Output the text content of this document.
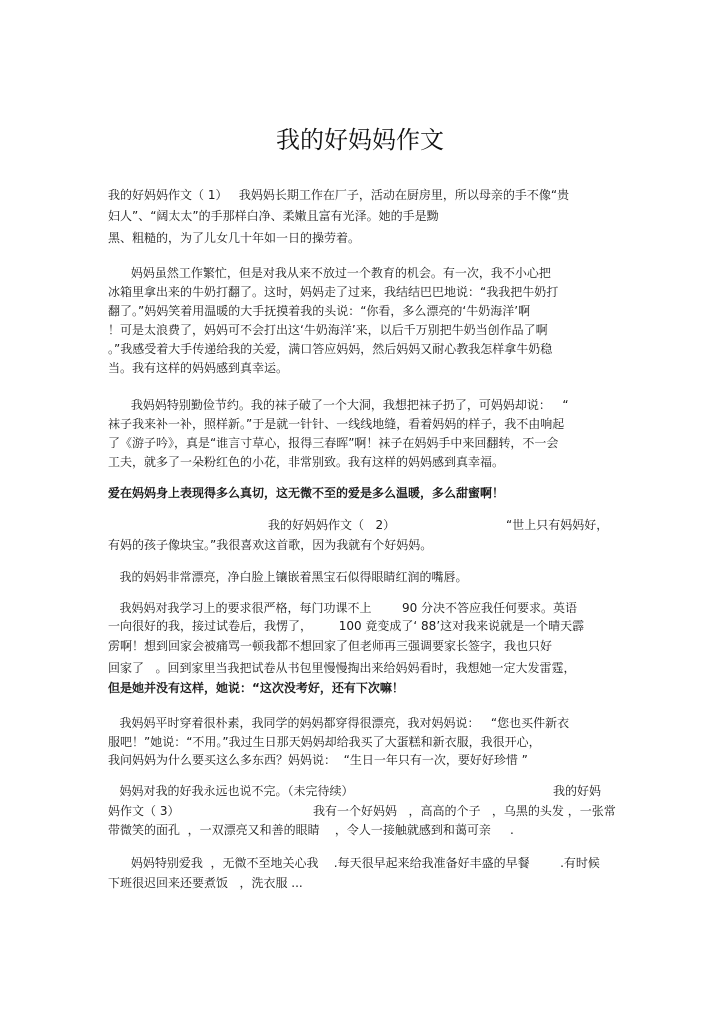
我的好妈妈作文
我的好妈妈作文（ 1）   我妈妈长期工作在厂子，活动在厨房里，所以母亲的手不像“贵
妇人”、“阔太太”的手那样白净、柔嫩且富有光泽。她的手是黝
黑、粗糙的，为了儿女几十年如一日的操劳着。
妈妈虽然工作繁忙，但是对我从来不放过一个教育的机会。有一次，我不小心把
冰箱里拿出来的牛奶打翻了。这时，妈妈走了过来，我结结巴巴地说：“我我把牛奶打
翻了。”妈妈笑着用温暖的大手抚摸着我的头说：“你看，多么漂亮的‘牛奶海洋’啊
！可是太浪费了，妈妈可不会打出这‘牛奶海洋’来，以后千万别把牛奶当创作品了啊
。”我感受着大手传递给我的关爱，满口答应妈妈，然后妈妈又耐心教我怎样拿牛奶稳
当。我有这样的妈妈感到真幸运。
我妈妈特别勤俭节约。我的袜子破了一个大洞，我想把袜子扔了，可妈妈却说：   “
袜子我来补一补，照样新。”于是就一针针、一线线地缝，看着妈妈的样子，我不由响起
了《游子吟》，真是“谁言寸草心，报得三春晖”啊！袜子在妈妈手中来回翻转，不一会
工夫，就多了一朵粉红色的小花，非常别致。我有这样的妈妈感到真幸福。
爱在妈妈身上表现得多么真切，这无微不至的爱是多么温暖，多么甜蜜啊！
我的好妈妈作文（   2）	“世上只有妈妈好，
有妈的孩子像块宝。”我很喜欢这首歌，因为我就有个好妈妈。
我的妈妈非常漂亮，净白脸上镶嵌着黑宝石似得眼睛红润的嘴唇。
我妈妈对我学习上的要求很严格，每门功课不上        90 分决不答应我任何要求。英语
一向很好的我，接过试卷后，我愣了，       100 竟变成了‘ 88’这对我来说就是一个晴天霹
雳啊！想到回家会被痛骂一顿我都不想回家了但老师再三强调要家长签字，我也只好
回家了   。回到家里当我把试卷从书包里慢慢掏出来给妈妈看时，我想她一定大发雷霆，
但是她并没有这样，她说：“这次没考好，还有下次嘛！
我妈妈平时穿着很朴素，我同学的妈妈都穿得很漂亮，我对妈妈说：   “您也买件新衣
服吧！”她说：“不用。”我过生日那天妈妈却给我买了大蛋糕和新衣服，我很开心，
我问妈妈为什么要买这么多东西？妈妈说：  “生日一年只有一次，要好好珍惜 ”
妈妈对我的好我永远也说不完。（未完待续）	我的好妈
妈作文（ 3）	我有一个好妈妈   ，高高的个子   ，乌黑的头发 ，一张常
带微笑的面孔  ，一双漂亮又和善的眼睛    ，令人一接触就感到和蔼可亲     .
妈妈特别爱我  ，无微不至地关心我    .每天很早起来给我准备好丰盛的早餐        .有时候
下班很迟回来还要煮饭   ，洗衣服 ...
